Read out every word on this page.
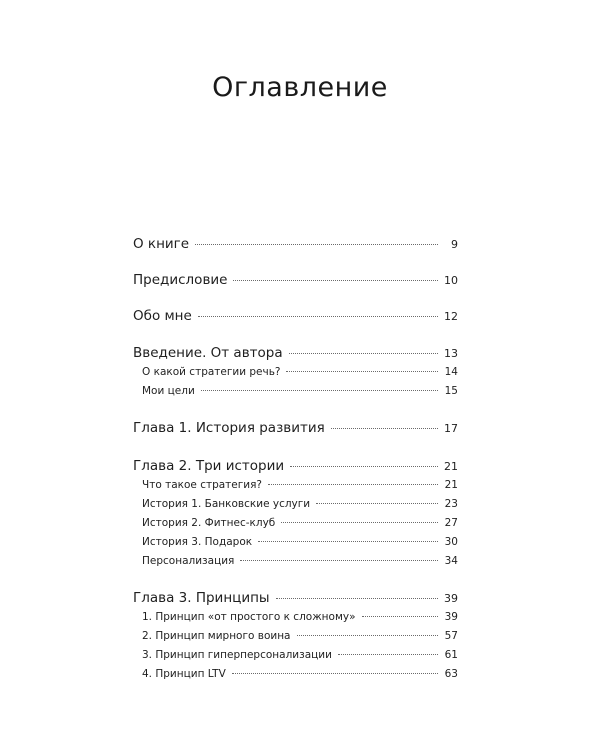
Оглавление
О книге	9
Предисловие	10
Обо мне	12
Введение. От автора	13
О какой стратегии речь?	14
Мои цели	15
Глава 1. История развития	17
Глава 2. Три истории	21
Что такое стратегия?	21
История 1. Банковские услуги	23
История 2. Фитнес-клуб	27
История 3. Подарок	30
Персонализация	34
Глава 3. Принципы	39
1. Принцип «от простого к сложному»	39
2. Принцип мирного воина	57
3. Принцип гиперперсонализации	61
4. Принцип LTV	63
